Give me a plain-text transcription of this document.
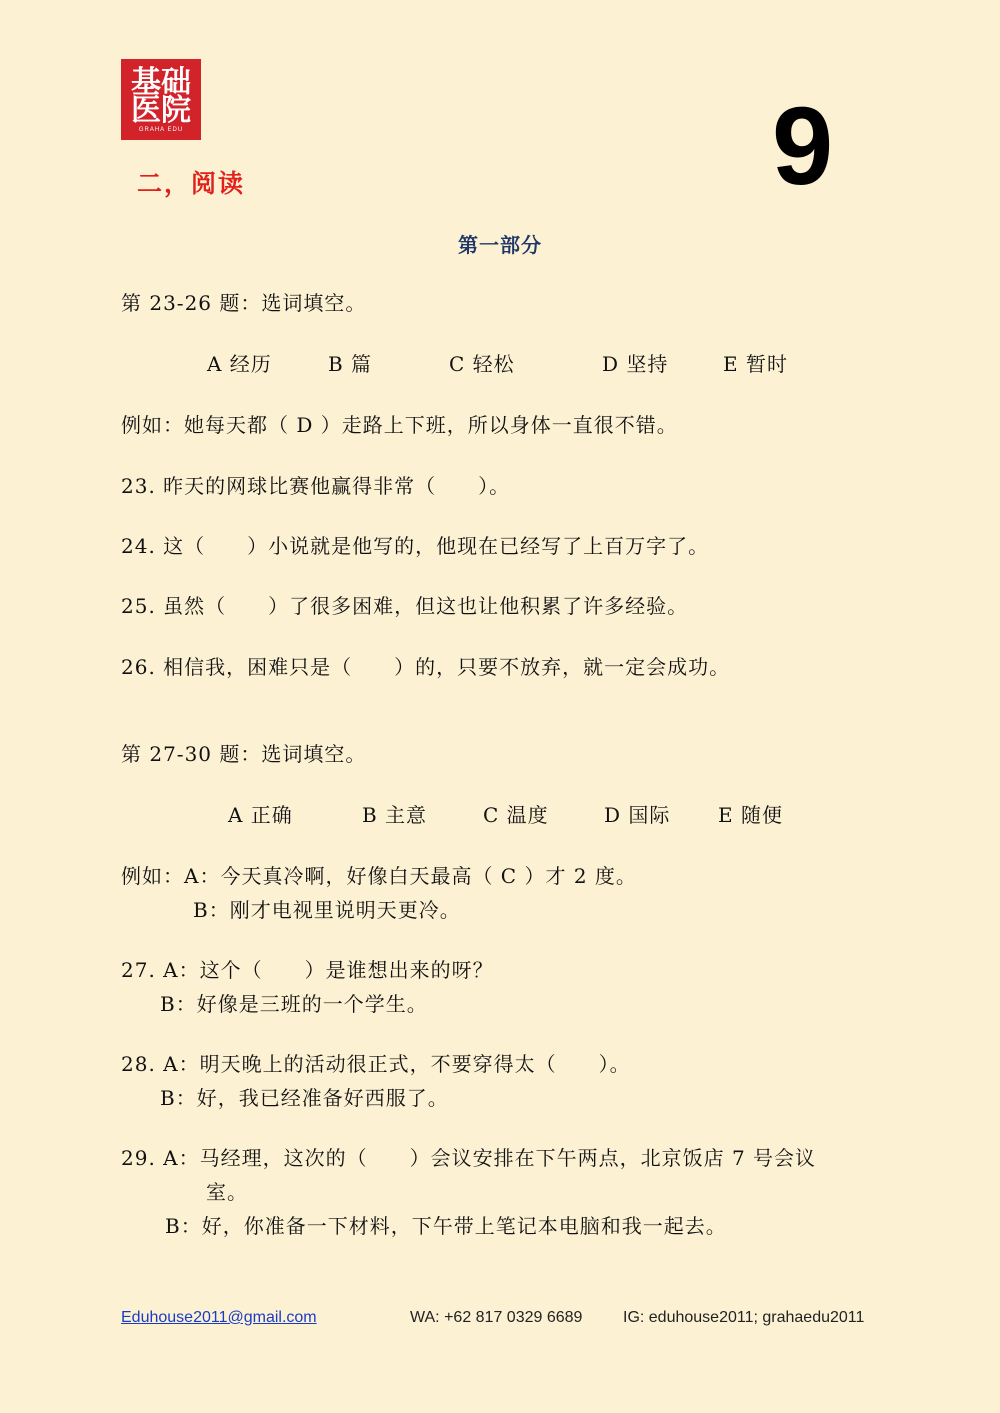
基础
医院
GRAHA EDU	9
二，阅读
第一部分
第 23-26 题：选词填空。
A 经历	B 篇	C 轻松	D 坚持	E 暂时
例如：她每天都（ D ）走路上下班，所以身体一直很不错。
23. 昨天的网球比赛他赢得非常（　　）。
24. 这（　　）小说就是他写的，他现在已经写了上百万字了。
25. 虽然（　　）了很多困难，但这也让他积累了许多经验。
26. 相信我，困难只是（　　）的，只要不放弃，就一定会成功。
第 27-30 题：选词填空。
A 正确	B 主意	C 温度	D 国际 E 随便
例如：A：今天真冷啊，好像白天最高（ C ）才 2 度。
B：刚才电视里说明天更冷。
27. A：这个（　　）是谁想出来的呀？
B：好像是三班的一个学生。
28. A：明天晚上的活动很正式，不要穿得太（　　）。
B：好，我已经准备好西服了。
29. A：马经理，这次的（　　）会议安排在下午两点，北京饭店 7 号会议
室。
B：好，你准备一下材料，下午带上笔记本电脑和我一起去。
Eduhouse2011@gmail.com	WA: +62 817 0329 6689	IG: eduhouse2011; grahaedu2011
